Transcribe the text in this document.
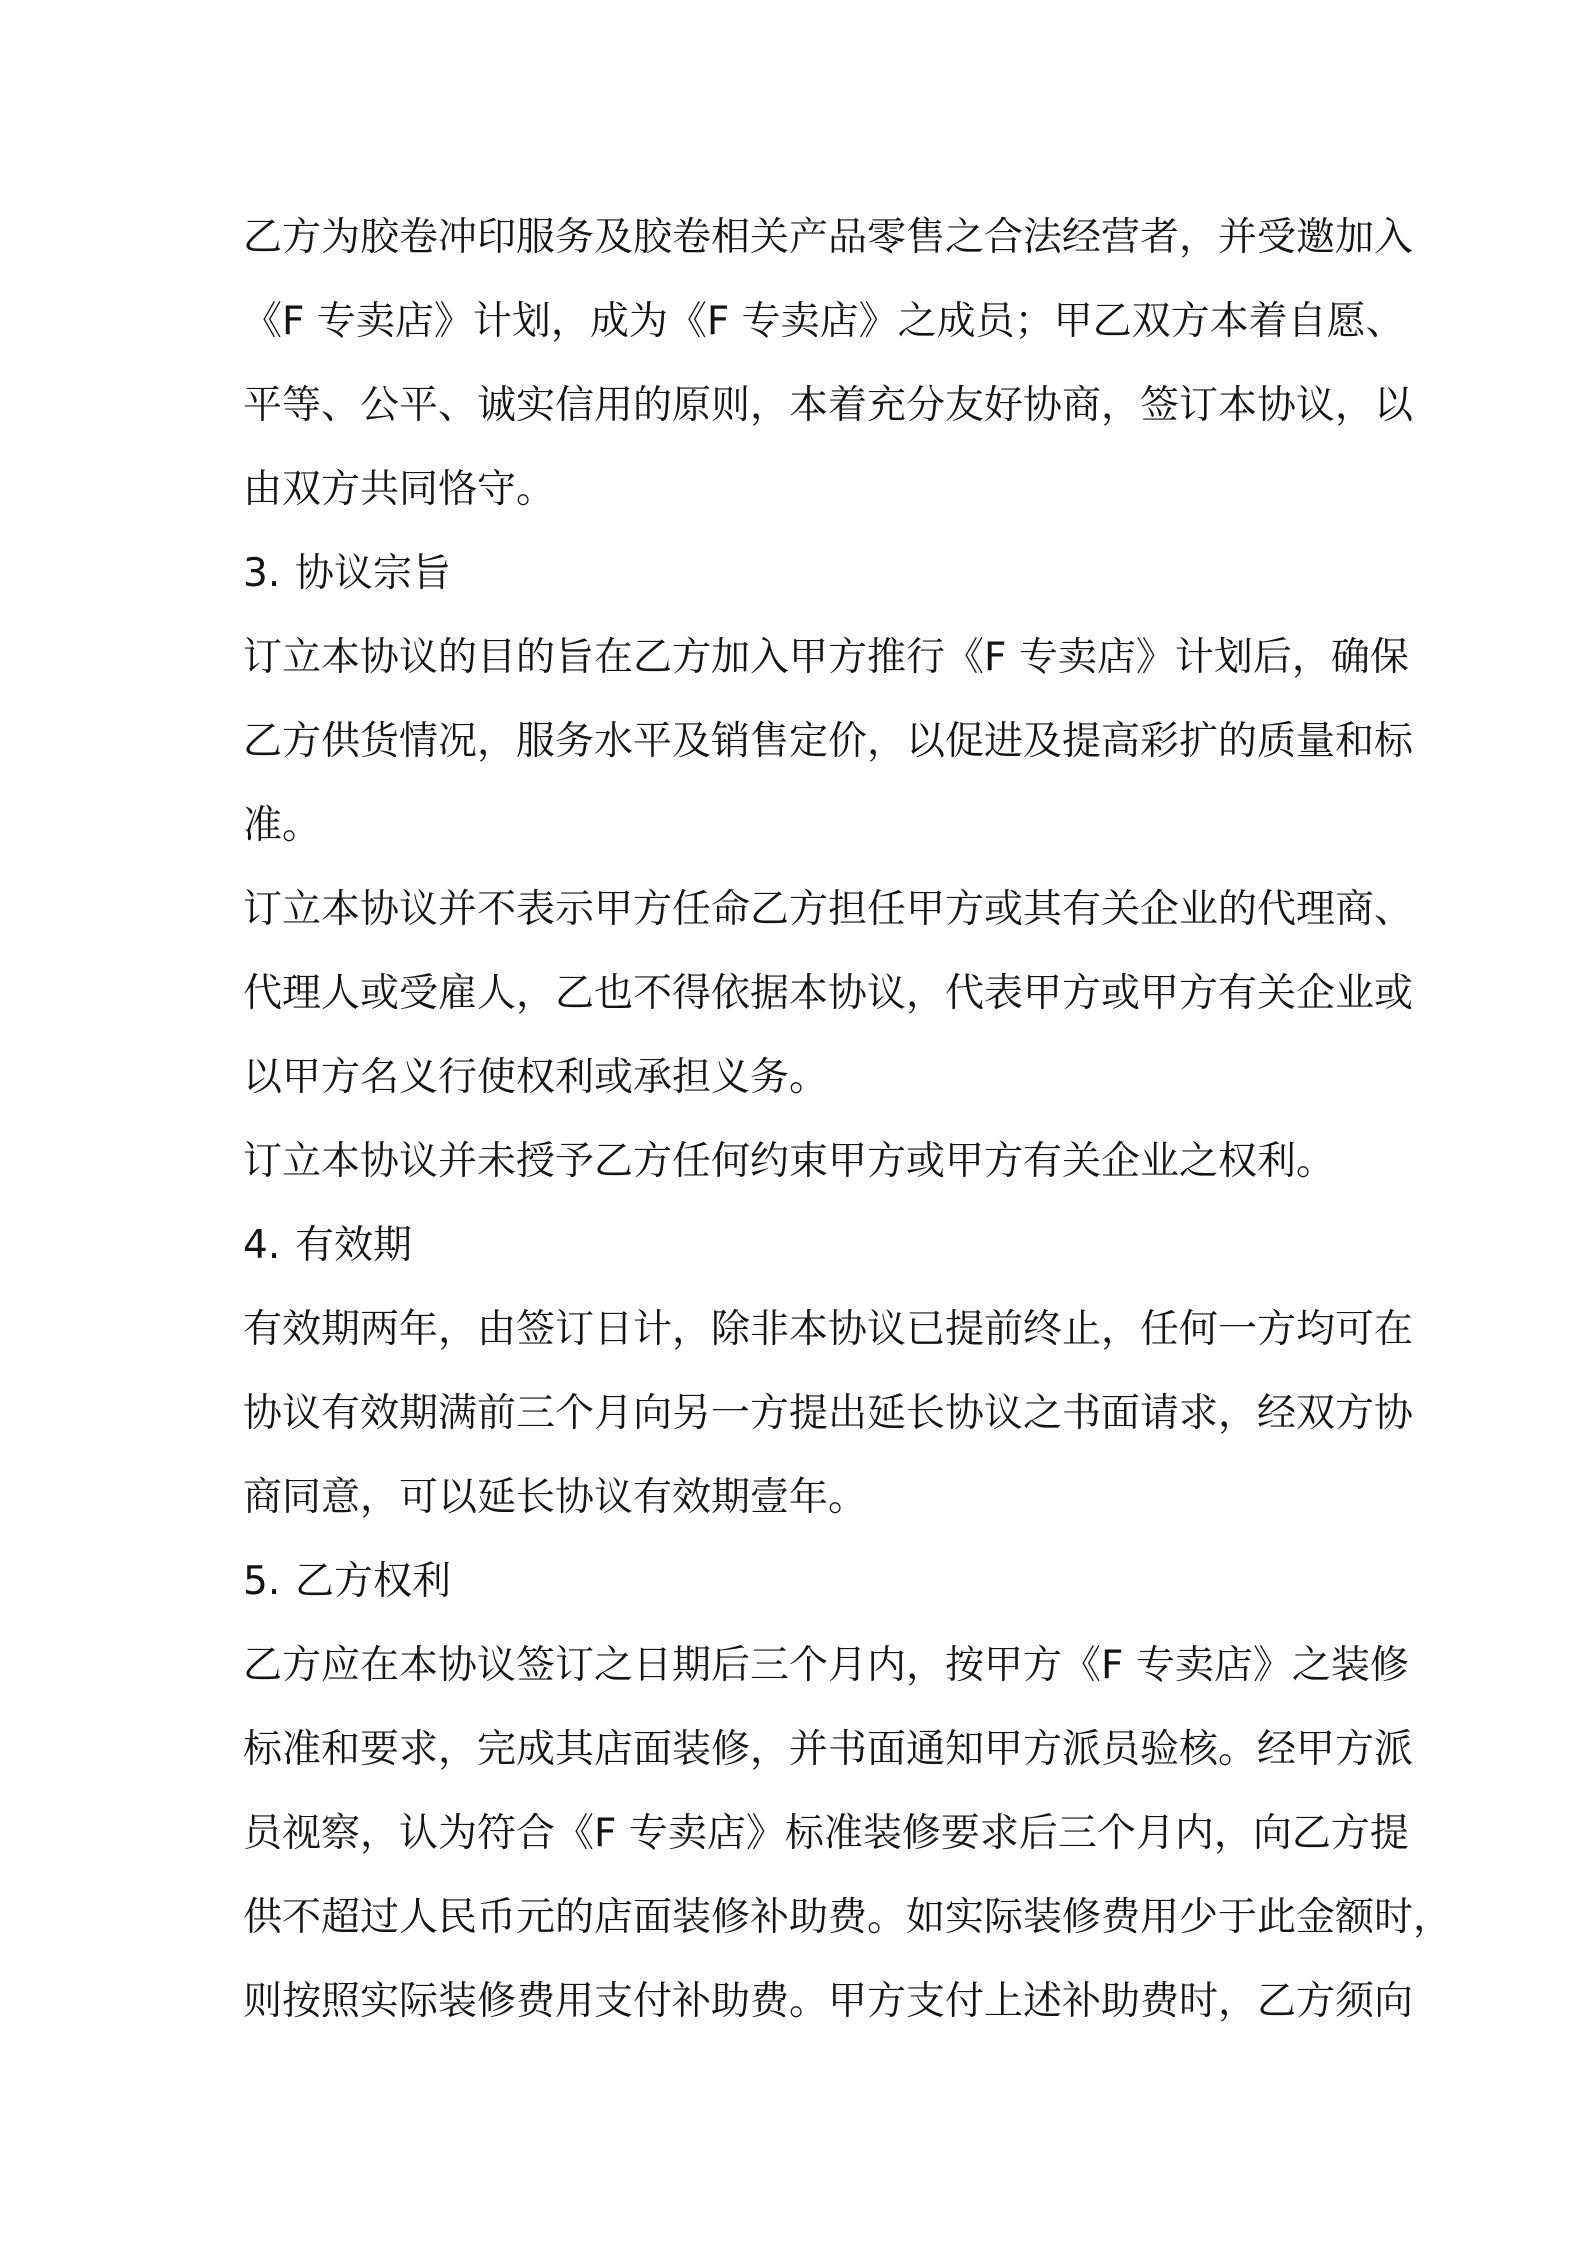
乙方为胶卷冲印服务及胶卷相关产品零售之合法经营者，并受邀加入
《F 专卖店》计划，成为《F 专卖店》之成员；甲乙双方本着自愿、
平等、公平、诚实信用的原则，本着充分友好协商，签订本协议，以
由双方共同恪守。
3. 协议宗旨
订立本协议的目的旨在乙方加入甲方推行《F 专卖店》计划后，确保
乙方供货情况，服务水平及销售定价，以促进及提高彩扩的质量和标
准。
订立本协议并不表示甲方任命乙方担任甲方或其有关企业的代理商、
代理人或受雇人，乙也不得依据本协议，代表甲方或甲方有关企业或
以甲方名义行使权利或承担义务。
订立本协议并未授予乙方任何约束甲方或甲方有关企业之权利。
4. 有效期
有效期两年，由签订日计，除非本协议已提前终止，任何一方均可在
协议有效期满前三个月向另一方提出延长协议之书面请求，经双方协
商同意，可以延长协议有效期壹年。
5. 乙方权利
乙方应在本协议签订之日期后三个月内，按甲方《F 专卖店》之装修
标准和要求，完成其店面装修，并书面通知甲方派员验核。经甲方派
员视察，认为符合《F 专卖店》标准装修要求后三个月内，向乙方提
供不超过人民币元的店面装修补助费。如实际装修费用少于此金额时，
则按照实际装修费用支付补助费。甲方支付上述补助费时，乙方须向
